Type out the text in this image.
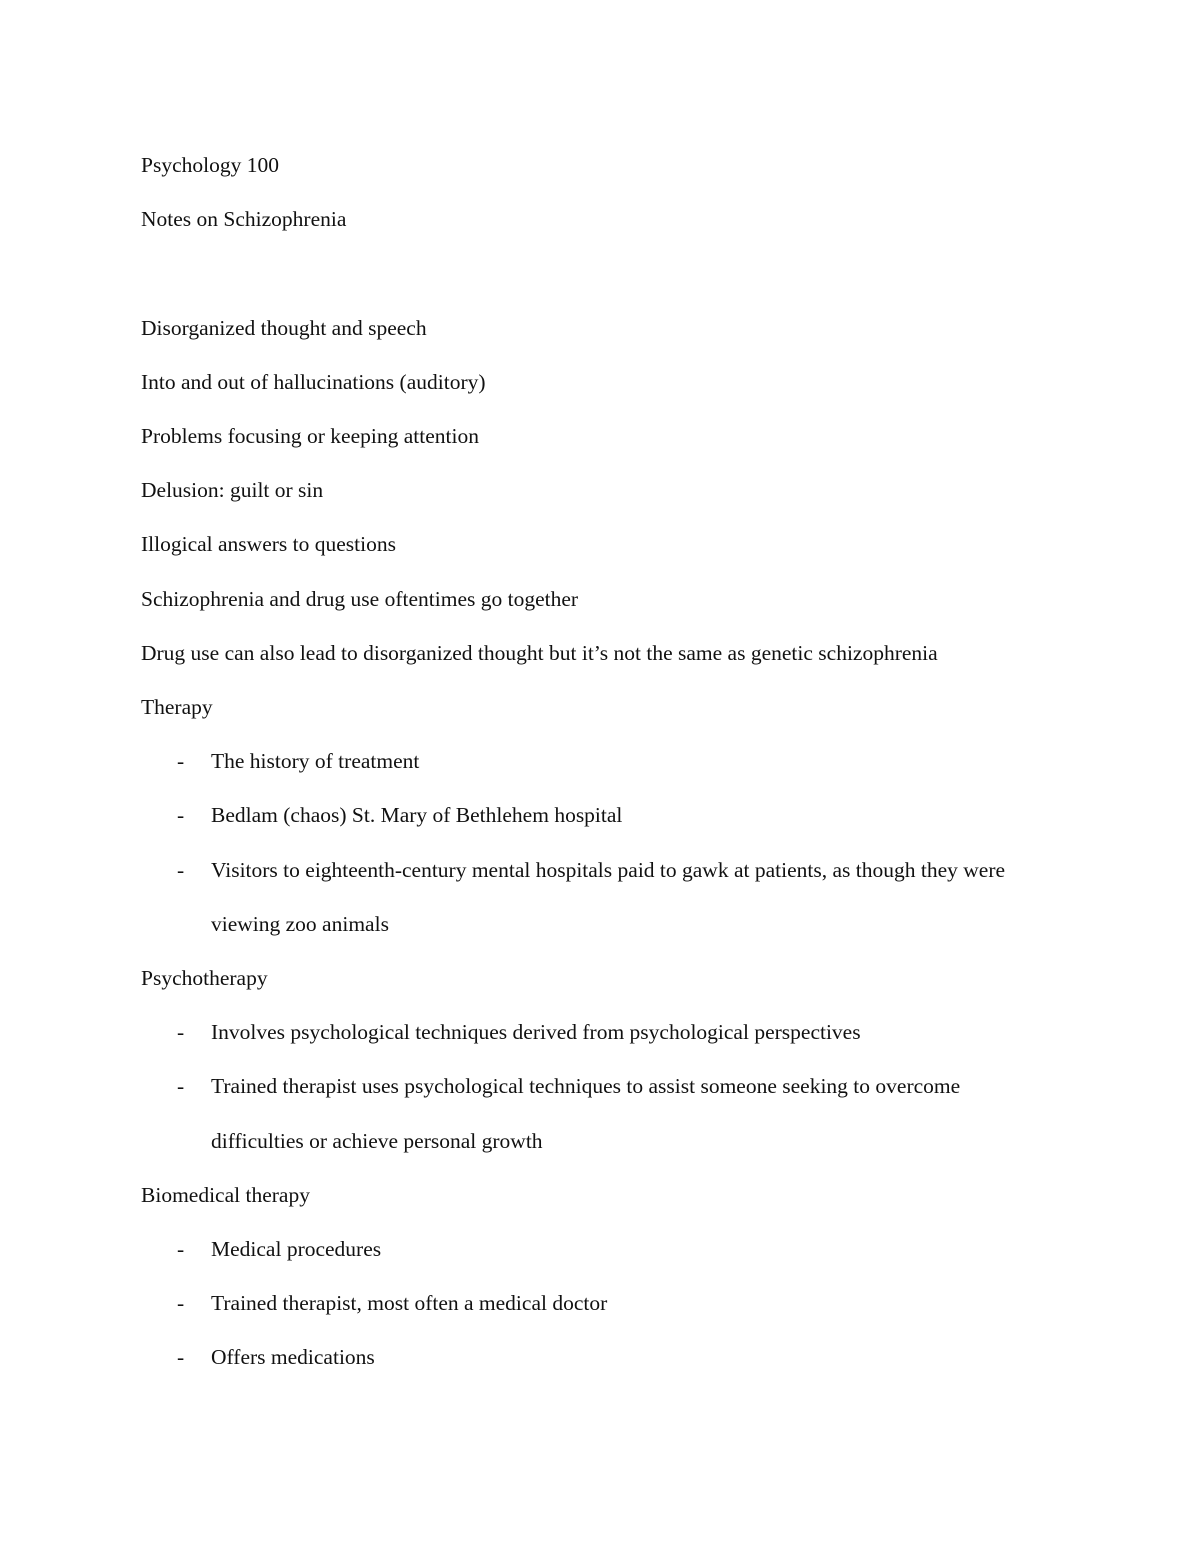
Psychology 100

Notes on Schizophrenia

Disorganized thought and speech

Into and out of hallucinations (auditory)

Problems focusing or keeping attention

Delusion: guilt or sin

Illogical answers to questions

Schizophrenia and drug use oftentimes go together

Drug use can also lead to disorganized thought but it’s not the same as genetic schizophrenia

Therapy

- The history of treatment
- Bedlam (chaos) St. Mary of Bethlehem hospital
- Visitors to eighteenth-century mental hospitals paid to gawk at patients, as though they were viewing zoo animals

Psychotherapy

- Involves psychological techniques derived from psychological perspectives
- Trained therapist uses psychological techniques to assist someone seeking to overcome difficulties or achieve personal growth

Biomedical therapy

- Medical procedures
- Trained therapist, most often a medical doctor
- Offers medications
